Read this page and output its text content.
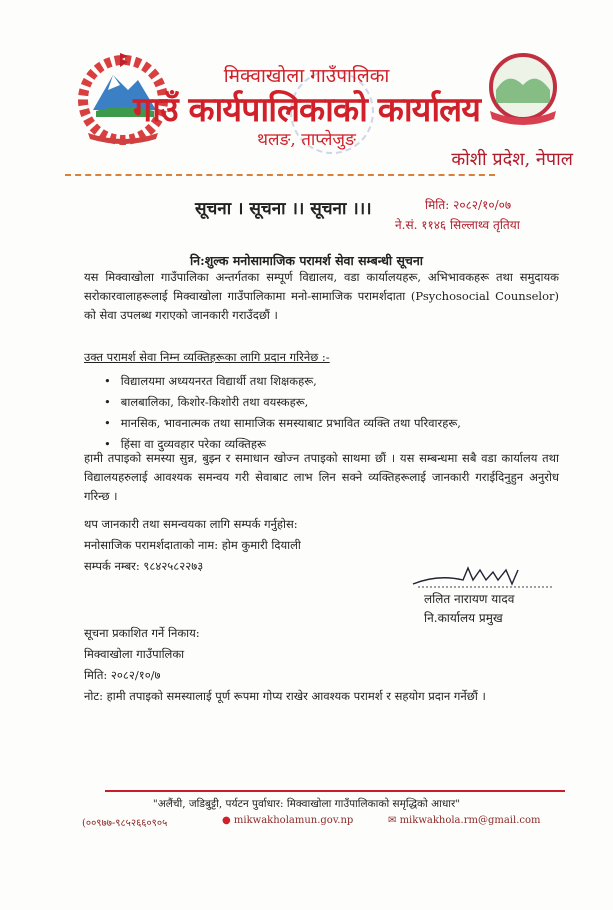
मिक्वाखोला गाउँपालिका
गाउँ कार्यपालिकाको कार्यालय
थलङ, ताप्लेजुङ
कोशी प्रदेश, नेपाल
सूचना । सूचना ।। सूचना ।।।	मिति: २०८२/१०/०७
ने.सं. ११४६ सिल्लाथ्व तृतिया
नि:शुल्क मनोसामाजिक परामर्श सेवा सम्बन्धी सूचना
यस मिक्वाखोला गाउँपालिका अन्तर्गतका सम्पूर्ण विद्यालय, वडा कार्यालयहरू, अभिभावकहरू तथा समुदायक सरोकारवालाहरूलाई मिक्वाखोला गाउँपालिकामा मनो-सामाजिक परामर्शदाता (Psychosocial Counselor) को सेवा उपलब्ध गराएको जानकारी गराउँदछौं ।
उक्त परामर्श सेवा निम्न व्यक्तिहरूका लागि प्रदान गरिनेछ :-
• विद्यालयमा अध्ययनरत विद्यार्थी तथा शिक्षकहरू,
• बालबालिका, किशोर-किशोरी तथा वयस्कहरू,
• मानसिक, भावनात्मक तथा सामाजिक समस्याबाट प्रभावित व्यक्ति तथा परिवारहरू,
• हिंसा वा दुव्यवहार परेका व्यक्तिहरू
हामी तपाइको समस्या सुन्न, बुझ्न र समाधान खोज्न तपाइको साथमा छौं । यस सम्बन्धमा सबै वडा कार्यालय तथा विद्यालयहरुलाई आवश्यक समन्वय गरी सेवाबाट लाभ लिन सक्ने व्यक्तिहरूलाई जानकारी गराईदिनुहुन अनुरोध गरिन्छ ।
थप जानकारी तथा समन्वयका लागि सम्पर्क गर्नुहोस:
मनोसाजिक परामर्शदाताको नाम: होम कुमारी दियाली
सम्पर्क नम्बर: ९८४२५८२२७३
ललित नारायण यादव
नि.कार्यालय प्रमुख
सूचना प्रकाशित गर्ने निकाय:
मिक्वाखोला गाउँपालिका
मिति: २०८२/१०/७
नोट: हामी तपाइको समस्यालाई पूर्ण रूपमा गोप्य राखेर आवश्यक परामर्श र सहयोग प्रदान गर्नेछौं ।
"अलैंची, जडिबुट्टी, पर्यटन पुर्वाधार: मिक्वाखोला गाउँपालिकाको समृद्धिको आधार"
(००९७७-९८५२६६०९०५	● mikwakholamun.gov.np	✉ mikwakhola.rm@gmail.com
